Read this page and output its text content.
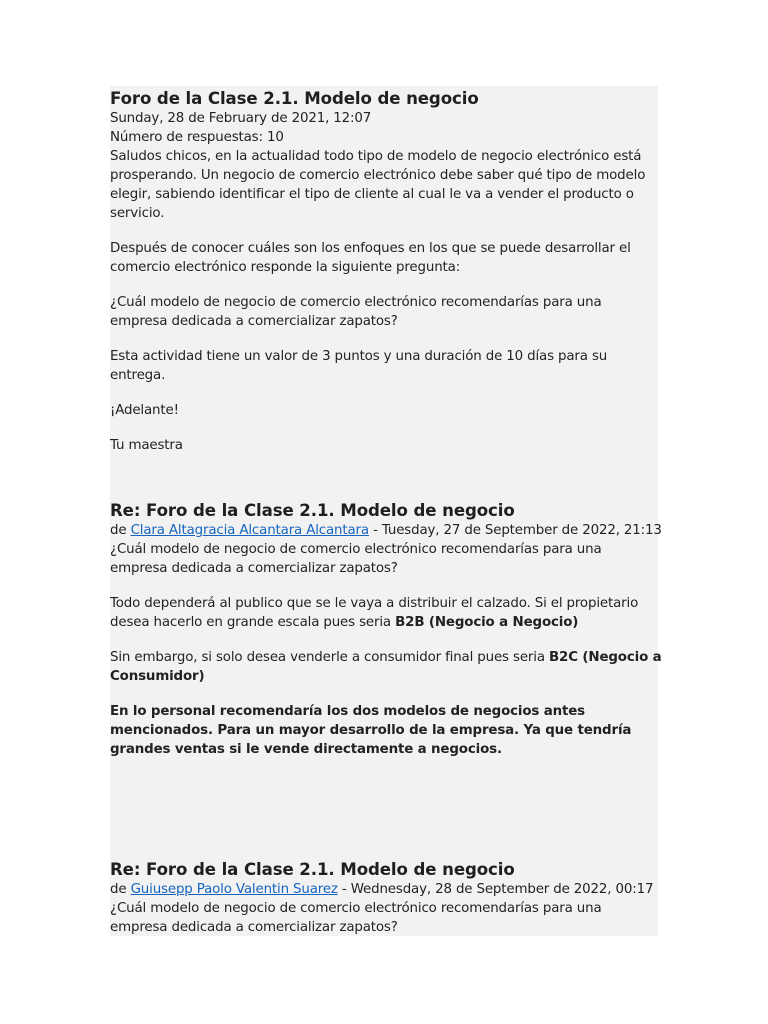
Foro de la Clase 2.1. Modelo de negocio

Sunday, 28 de February de 2021, 12:07

Número de respuestas: 10

Saludos chicos, en la actualidad todo tipo de modelo de negocio electrónico está prosperando. Un negocio de comercio electrónico debe saber qué tipo de modelo elegir, sabiendo identificar el tipo de cliente al cual le va a vender el producto o servicio.

Después de conocer cuáles son los enfoques en los que se puede desarrollar el comercio electrónico responde la siguiente pregunta:

¿Cuál modelo de negocio de comercio electrónico recomendarías para una empresa dedicada a comercializar zapatos?

Esta actividad tiene un valor de 3 puntos y una duración de 10 días para su entrega.

¡Adelante!

Tu maestra

Re: Foro de la Clase 2.1. Modelo de negocio

de Clara Altagracia Alcantara Alcantara - Tuesday, 27 de September de 2022, 21:13

¿Cuál modelo de negocio de comercio electrónico recomendarías para una empresa dedicada a comercializar zapatos?

Todo dependerá al publico que se le vaya a distribuir el calzado. Si el propietario desea hacerlo en grande escala pues seria B2B (Negocio a Negocio)

Sin embargo, si solo desea venderle a consumidor final pues seria B2C (Negocio a Consumidor)

En lo personal recomendaría los dos modelos de negocios antes mencionados. Para un mayor desarrollo de la empresa. Ya que tendría grandes ventas si le vende directamente a negocios.

Re: Foro de la Clase 2.1. Modelo de negocio

de Guiusepp Paolo Valentin Suarez - Wednesday, 28 de September de 2022, 00:17

¿Cuál modelo de negocio de comercio electrónico recomendarías para una empresa dedicada a comercializar zapatos?
